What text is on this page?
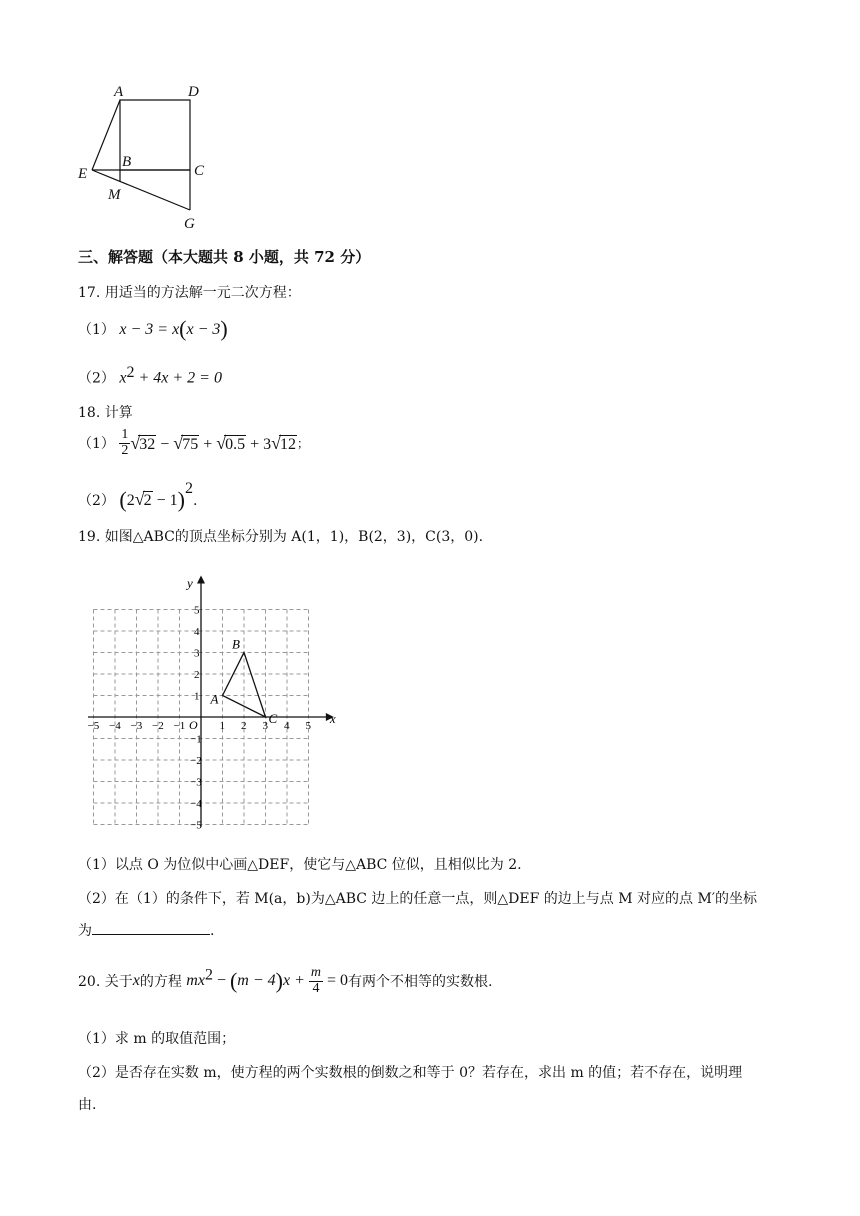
A	D
B
C
E
M
G
三、解答题（本大题共 8 小题，共 72 分）
17. 用适当的方法解一元二次方程：
（1） x − 3 = x(x − 3)
（2） $x^2 + 4x + 2 = 0$
18. 计算
$(1) \frac{1}{2} √32 - √75 + √0.5 + 3√12$；
（2） $(2√2 - 1)^2$.
19. 如图△ABC的顶点坐标分别为 A(1，1)，B(2，3)，C(3，0).
x
y
O
−5 −4 −3 −2 −1	1 2 3 4 5
5
4
3
2
1
−1
−2
−3
−4
−5
A
B
C
（1）以点 O 为位似中心画△DEF，使它与△ABC 位似，且相似比为 2.
（2）在（1）的条件下，若 M(a，b)为△ABC 边上的任意一点，则△DEF 的边上与点 M 对应的点 M′的坐标
为	.
20. 关于x的方程 $mx^2 - (m - 4)x + \frac{m}{4} = 0$有两个不相等的实数根.
（1）求 m 的取值范围；
（2）是否存在实数 m，使方程的两个实数根的倒数之和等于 0？若存在，求出 m 的值；若不存在，说明理
由.
